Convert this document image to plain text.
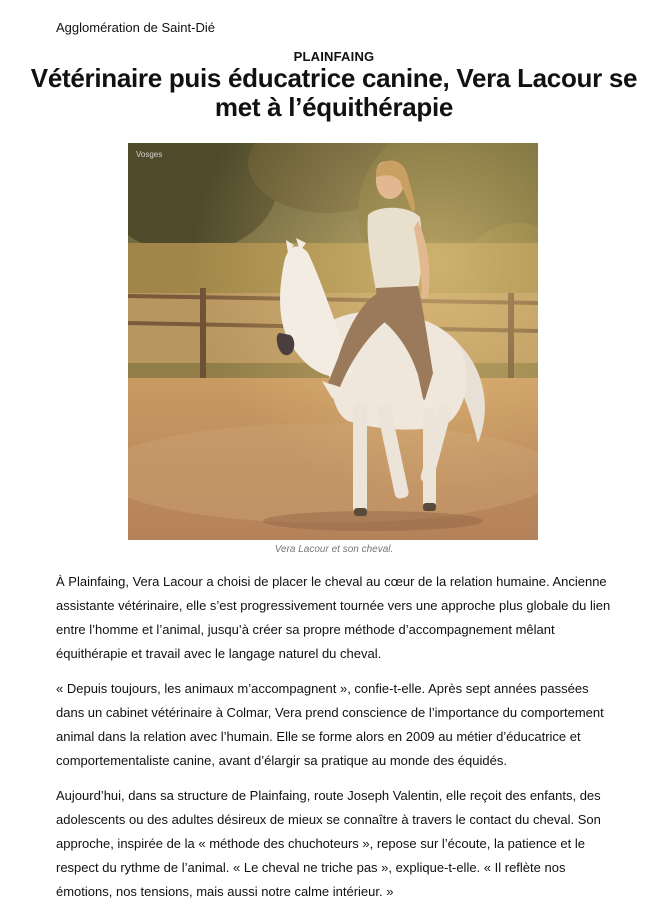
Agglomération de Saint-Dié
PLAINFAING
Vétérinaire puis éducatrice canine, Vera Lacour se met à l’équithérapie
Vosges
Vera Lacour et son cheval.

À Plainfaing, Vera Lacour a choisi de placer le cheval au cœur de la relation humaine. Ancienne assistante vétérinaire, elle s’est progressivement tournée vers une approche plus globale du lien entre l’homme et l’animal, jusqu’à créer sa propre méthode d’accompagnement mêlant équithérapie et travail avec le langage naturel du cheval.

« Depuis toujours, les animaux m’accompagnent », confie-t-elle. Après sept années passées dans un cabinet vétérinaire à Colmar, Vera prend conscience de l’importance du comportement animal dans la relation avec l’humain. Elle se forme alors en 2009 au métier d’éducatrice et comportementaliste canine, avant d’élargir sa pratique au monde des équidés.

Aujourd’hui, dans sa structure de Plainfaing, route Joseph Valentin, elle reçoit des enfants, des adolescents ou des adultes désireux de mieux se connaître à travers le contact du cheval. Son approche, inspirée de la « méthode des chuchoteurs », repose sur l’écoute, la patience et le respect du rythme de l’animal. « Le cheval ne triche pas », explique-t-elle. « Il reflète nos émotions, nos tensions, mais aussi notre calme intérieur. »
